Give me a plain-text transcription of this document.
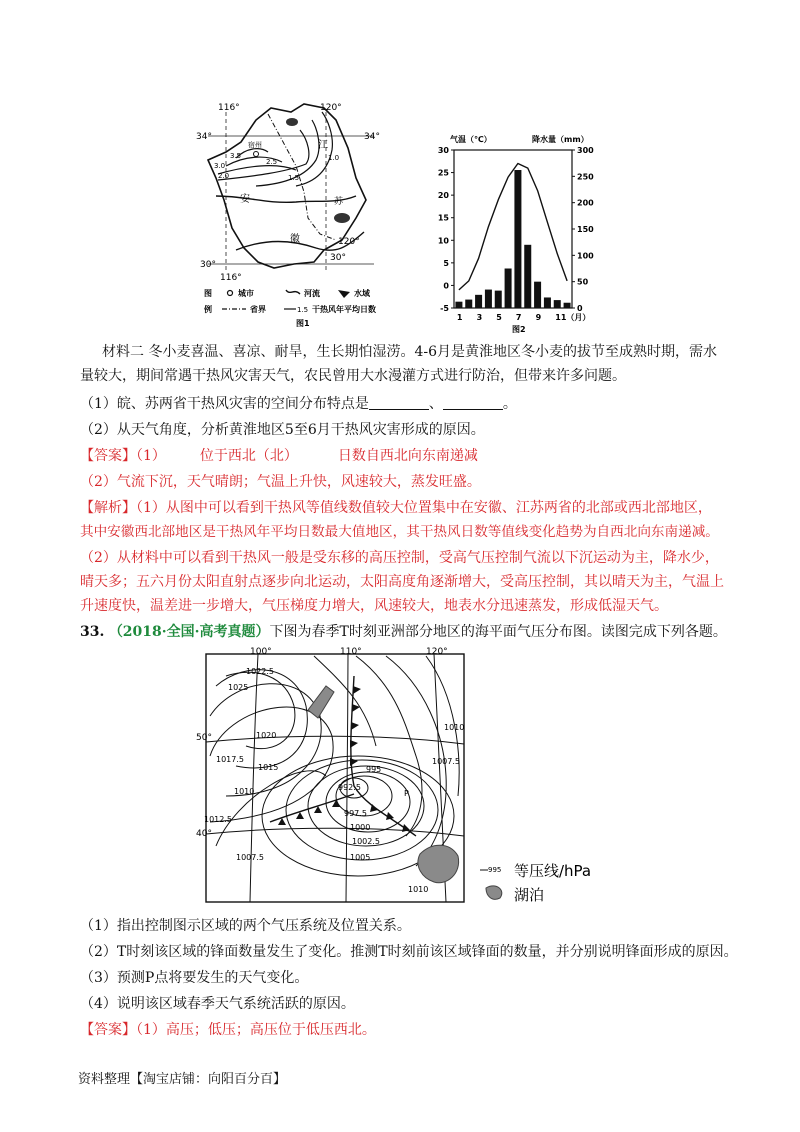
116°	120°
34°	34°
30°
30°
120°
116°
宿州
3.5
3.0	2.5
2.0	1.5
1.0
江
安	苏
徽
图
例
城市	河流	水域
省界	1.5 干热风年平均日数
图1
气温（℃）	降水量（mm）
30
25
20
15
10
5
0
-5
300
250
200
150
100
50
0
1 3 5 7 9 11（月）
图2
材料二 冬小麦喜温、喜凉、耐旱，生长期怕湿涝。4-6月是黄淮地区冬小麦的拔节至成熟时期，需水
量较大，期间常遇干热风灾害天气，农民曾用大水漫灌方式进行防治，但带来许多问题。
（1）皖、苏两省干热风灾害的空间分布特点是	、	。
（2）从天气角度，分析黄淮地区5至6月干热风灾害形成的原因。
【答案】（1） 位于西北（北）	日数自西北向东南递减
（2）气流下沉，天气晴朗；气温上升快，风速较大，蒸发旺盛。
【解析】（1）从图中可以看到干热风等值线数值较大位置集中在安徽、江苏两省的北部或西北部地区，
其中安徽西北部地区是干热风年平均日数最大值地区，其干热风日数等值线变化趋势为自西北向东南递减。
（2）从材料中可以看到干热风一般是受东移的高压控制，受高气压控制气流以下沉运动为主，降水少，
晴天多；五六月份太阳直射点逐步向北运动，太阳高度角逐渐增大，受高压控制，其以晴天为主，气温上
升速度快，温差进一步增大，气压梯度力增大，风速较大，地表水分迅速蒸发，形成低湿天气。
33. （2018·全国·高考真题）下图为春季T时刻亚洲部分地区的海平面气压分布图。读图完成下列各题。
100°	110°	120°
50°
40°
1022.5
1025
1020
1017.5
1015
1010
1012.5
1007.5
992.5
995
997.5
1000
1002.5
1005
1010
1010
1007.5
P
995 等压线/hPa
湖泊
（1）指出控制图示区域的两个气压系统及位置关系。
（2）T时刻该区域的锋面数量发生了变化。推测T时刻前该区域锋面的数量，并分别说明锋面形成的原因。
（3）预测P点将要发生的天气变化。
（4）说明该区域春季天气系统活跃的原因。
【答案】（1）高压；低压；高压位于低压西北。
资料整理【淘宝店铺：向阳百分百】
